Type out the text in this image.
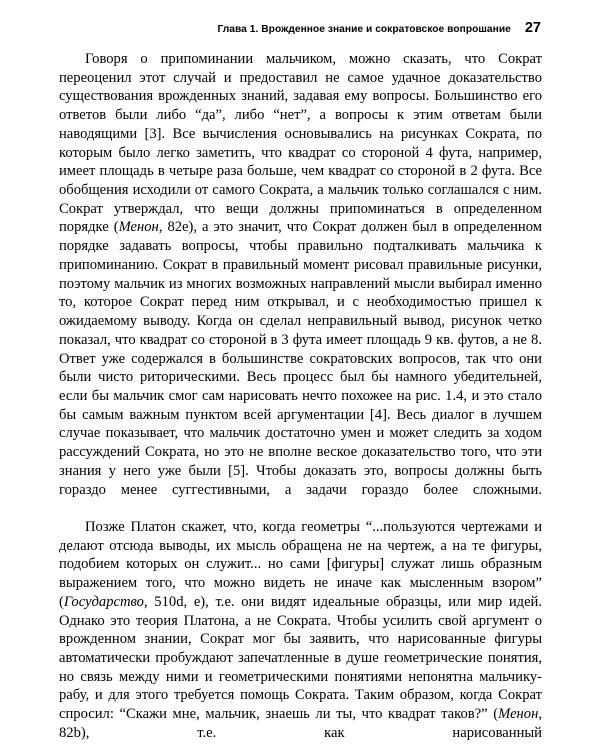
Глава 1. Врожденное знание и сократовское вопрошание 27

Говоря о припоминании мальчиком, можно сказать, что Сократ переоценил этот случай и предоставил не самое удачное доказательство существования врожденных знаний, задавая ему вопросы. Большинство его ответов были либо “да”, либо “нет”, а вопросы к этим ответам были наводящими [3]. Все вычисления основывались на рисунках Сократа, по которым было легко заметить, что квадрат со стороной 4 фута, например, имеет площадь в четыре раза больше, чем квадрат со стороной в 2 фута. Все обобщения исходили от самого Сократа, а мальчик только соглашался с ним. Сократ утверждал, что вещи должны припоминаться в определенном порядке (Менон, 82e), а это значит, что Сократ должен был в определенном порядке задавать вопросы, чтобы правильно подталкивать мальчика к припоминанию. Сократ в правильный момент рисовал правильные рисунки, поэтому мальчик из многих возможных направлений мысли выбирал именно то, которое Сократ перед ним открывал, и с необходимостью пришел к ожидаемому выводу. Когда он сделал неправильный вывод, рисунок четко показал, что квадрат со стороной в 3 фута имеет площадь 9 кв. футов, а не 8. Ответ уже содержался в большинстве сократовских вопросов, так что они были чисто риторическими. Весь процесс был бы намного убедительней, если бы мальчик смог сам нарисовать нечто похожее на рис. 1.4, и это стало бы самым важным пунктом всей аргументации [4]. Весь диалог в лучшем случае показывает, что мальчик достаточно умен и может следить за ходом рассуждений Сократа, но это не вполне веское доказательство того, что эти знания у него уже были [5]. Чтобы доказать это, вопросы должны быть гораздо менее суггестивными, а задачи гораздо более сложными.

Позже Платон скажет, что, когда геометры “...пользуются чертежами и делают отсюда выводы, их мысль обращена не на чертеж, а на те фигуры, подобием которых он служит... но сами [фигуры] служат лишь образным выражением того, что можно видеть не иначе как мысленным взором” (Государство, 510d, e), т.е. они видят идеальные образцы, или мир идей. Однако это теория Платона, а не Сократа. Чтобы усилить свой аргумент о врожденном знании, Сократ мог бы заявить, что нарисованные фигуры автоматически пробуждают запечатленные в душе геометрические понятия, но связь между ними и геометрическими понятиями непонятна мальчику-рабу, и для этого требуется помощь Сократа. Таким образом, когда Сократ спросил: “Скажи мне, мальчик, знаешь ли ты, что квадрат таков?” (Менон, 82b), т.е. как нарисованный
